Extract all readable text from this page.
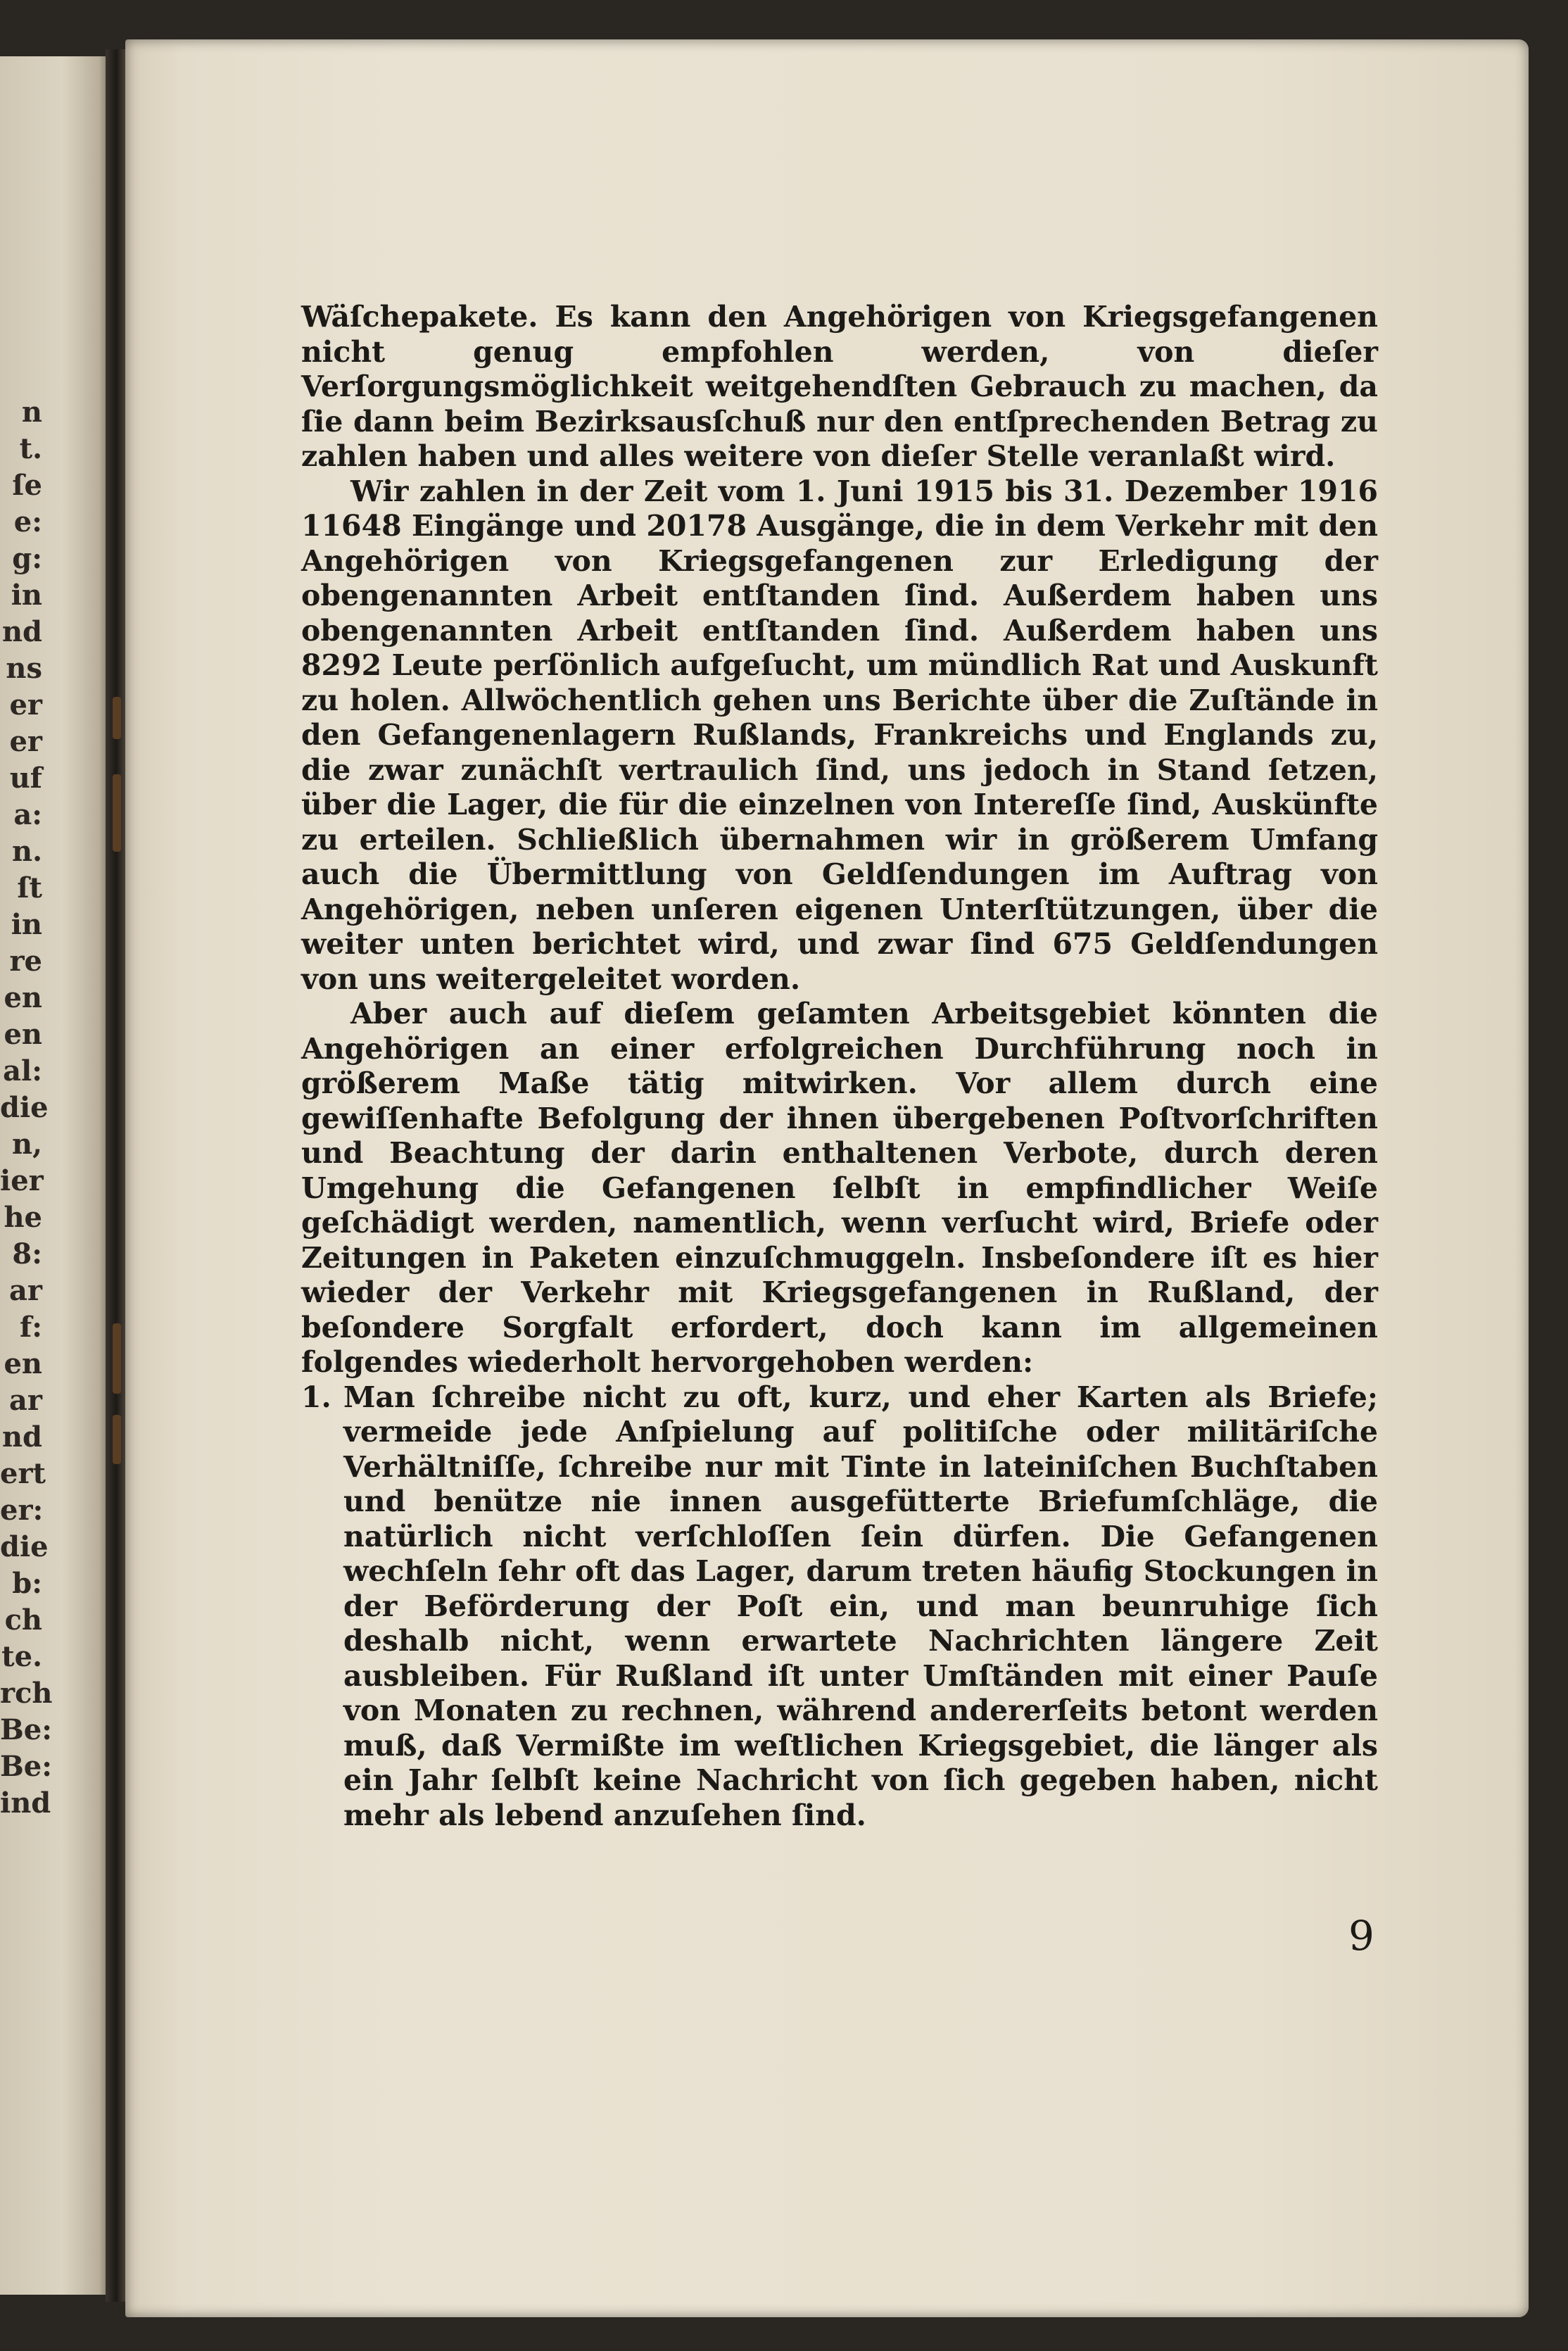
n
t.
ſe
e:
g:
in
nd
ns
er
er
uf
a:
n.
ſt
in
re
en
en
al:
die
n,
ier
he
8:
ar
f:
en
ar
nd
ert
er:
die
b:
ch
te.
rch
Be:
Be:
ind

Wäſchepakete. Es kann den Angehörigen von Kriegsgefangenen nicht genug empfohlen werden, von dieſer Verſorgungsmöglichkeit weitgehendſten Gebrauch zu machen, da ſie dann beim Bezirksausſchuß nur den entſprechenden Betrag zu zahlen haben und alles weitere von dieſer Stelle veranlaßt wird.

Wir zahlen in der Zeit vom 1. Juni 1915 bis 31. Dezember 1916 11648 Eingänge und 20178 Ausgänge, die in dem Verkehr mit den Angehörigen von Kriegsgefangenen zur Erledigung der obengenannten Arbeit entſtanden ſind. Außerdem haben uns obengenannten Arbeit entſtanden ſind. Außerdem haben uns 8292 Leute perſönlich aufgeſucht, um mündlich Rat und Auskunft zu holen. Allwöchentlich gehen uns Berichte über die Zuſtände in den Gefangenenlagern Rußlands, Frankreichs und Englands zu, die zwar zunächſt vertraulich ſind, uns jedoch in Stand ſetzen, über die Lager, die für die einzelnen von Intereſſe ſind, Auskünfte zu erteilen. Schließlich übernahmen wir in größerem Umfang auch die Übermittlung von Geldſendungen im Auftrag von Angehörigen, neben unſeren eigenen Unterſtützungen, über die weiter unten berichtet wird, und zwar ſind 675 Geldſendungen von uns weitergeleitet worden.

Aber auch auf dieſem geſamten Arbeitsgebiet könnten die Angehörigen an einer erfolgreichen Durchführung noch in größerem Maße tätig mitwirken. Vor allem durch eine gewiſſenhafte Befolgung der ihnen übergebenen Poſtvorſchriften und Beachtung der darin enthaltenen Verbote, durch deren Umgehung die Gefangenen ſelbſt in empfindlicher Weiſe geſchädigt werden, namentlich, wenn verſucht wird, Briefe oder Zeitungen in Paketen einzuſchmuggeln. Insbeſondere iſt es hier wieder der Verkehr mit Kriegsgefangenen in Rußland, der beſondere Sorgfalt erfordert, doch kann im allgemeinen folgendes wiederholt hervorgehoben werden:

1. Man ſchreibe nicht zu oft, kurz, und eher Karten als Briefe; vermeide jede Anſpielung auf politiſche oder militäriſche Verhältniſſe, ſchreibe nur mit Tinte in lateiniſchen Buchſtaben und benütze nie innen ausgefütterte Briefumſchläge, die natürlich nicht verſchloſſen ſein dürfen. Die Gefangenen wechſeln ſehr oft das Lager, darum treten häufig Stockungen in der Beförderung der Poſt ein, und man beunruhige ſich deshalb nicht, wenn erwartete Nachrichten längere Zeit ausbleiben. Für Rußland iſt unter Umſtänden mit einer Pauſe von Monaten zu rechnen, während andererſeits betont werden muß, daß Vermißte im weſtlichen Kriegsgebiet, die länger als ein Jahr ſelbſt keine Nachricht von ſich gegeben haben, nicht mehr als lebend anzuſehen ſind.
9
